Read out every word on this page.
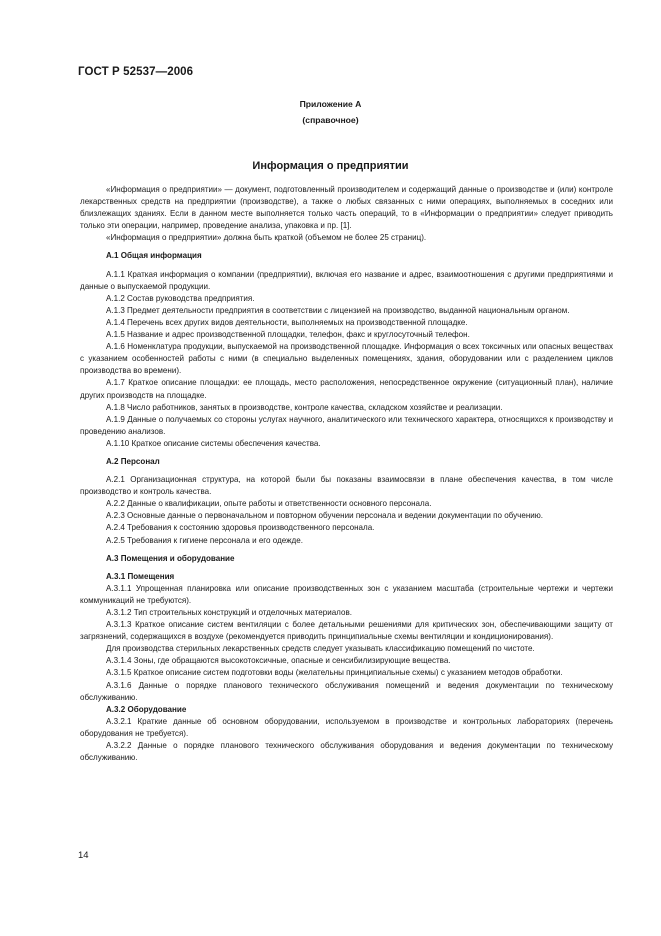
ГОСТ Р 52537—2006
Приложение А
(справочное)
Информация о предприятии

«Информация о предприятии» — документ, подготовленный производителем и содержащий данные о производстве и (или) контроле лекарственных средств на предприятии (производстве), а также о любых связанных с ними операциях, выполняемых в соседних или близлежащих зданиях. Если в данном месте выполняется только часть операций, то в «Информации о предприятии» следует приводить только эти операции, например, проведение анализа, упаковка и пр. [1].

«Информация о предприятии» должна быть краткой (объемом не более 25 страниц).

А.1 Общая информация

А.1.1 Краткая информация о компании (предприятии), включая его название и адрес, взаимоотношения с другими предприятиями и данные о выпускаемой продукции.

А.1.2 Состав руководства предприятия.

А.1.3 Предмет деятельности предприятия в соответствии с лицензией на производство, выданной национальным органом.

А.1.4 Перечень всех других видов деятельности, выполняемых на производственной площадке.

А.1.5 Название и адрес производственной площадки, телефон, факс и круглосуточный телефон.

А.1.6 Номенклатура продукции, выпускаемой на производственной площадке. Информация о всех токсичных или опасных веществах с указанием особенностей работы с ними (в специально выделенных помещениях, здания, оборудовании или с разделением циклов производства во времени).

А.1.7 Краткое описание площадки: ее площадь, место расположения, непосредственное окружение (ситуационный план), наличие других производств на площадке.

А.1.8 Число работников, занятых в производстве, контроле качества, складском хозяйстве и реализации.

А.1.9 Данные о получаемых со стороны услугах научного, аналитического или технического характера, относящихся к производству и проведению анализов.

А.1.10 Краткое описание системы обеспечения качества.

А.2 Персонал

А.2.1 Организационная структура, на которой были бы показаны взаимосвязи в плане обеспечения качества, в том числе производство и контроль качества.

А.2.2 Данные о квалификации, опыте работы и ответственности основного персонала.

А.2.3 Основные данные о первоначальном и повторном обучении персонала и ведении документации по обучению.

А.2.4 Требования к состоянию здоровья производственного персонала.

А.2.5 Требования к гигиене персонала и его одежде.

А.3 Помещения и оборудование

А.3.1 Помещения

А.3.1.1 Упрощенная планировка или описание производственных зон с указанием масштаба (строительные чертежи и чертежи коммуникаций не требуются).

А.3.1.2 Тип строительных конструкций и отделочных материалов.

А.3.1.3 Краткое описание систем вентиляции с более детальными решениями для критических зон, обеспечивающими защиту от загрязнений, содержащихся в воздухе (рекомендуется приводить принципиальные схемы вентиляции и кондиционирования).

Для производства стерильных лекарственных средств следует указывать классификацию помещений по чистоте.

А.3.1.4 Зоны, где обращаются высокотоксичные, опасные и сенсибилизирующие вещества.

А.3.1.5 Краткое описание систем подготовки воды (желательны принципиальные схемы) с указанием методов обработки.

А.3.1.6 Данные о порядке планового технического обслуживания помещений и ведения документации по техническому обслуживанию.

А.3.2 Оборудование

А.3.2.1 Краткие данные об основном оборудовании, используемом в производстве и контрольных лабораториях (перечень оборудования не требуется).

А.3.2.2 Данные о порядке планового технического обслуживания оборудования и ведения документации по техническому обслуживанию.

14
